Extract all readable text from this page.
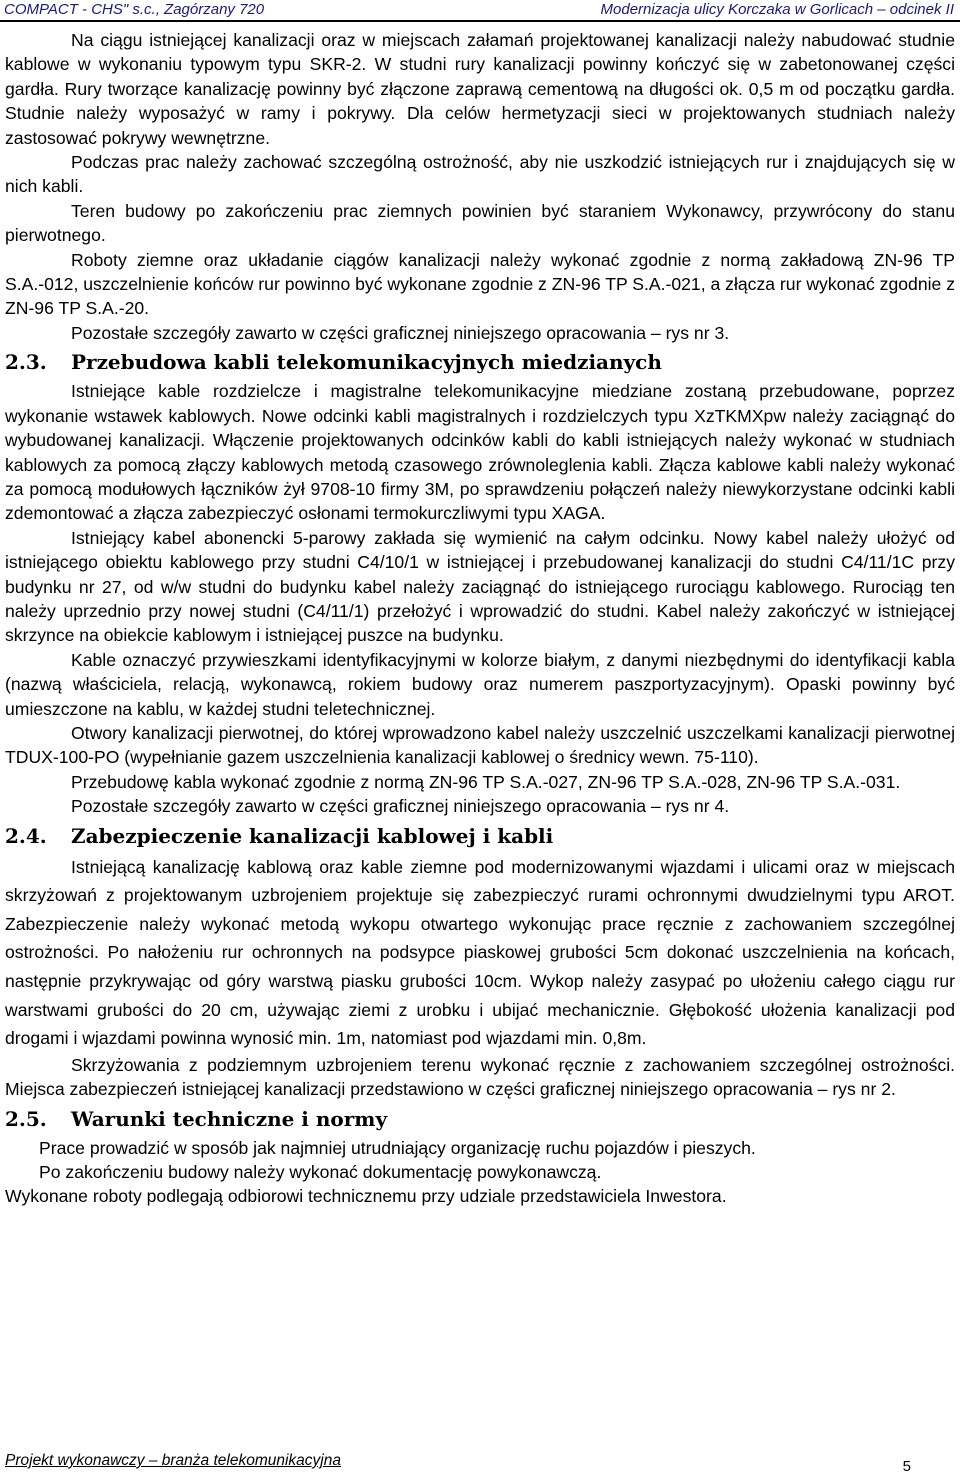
COMPACT - CHS" s.c., Zagórzany 720	Modernizacja ulicy Korczaka w Gorlicach – odcinek II

Na ciągu istniejącej kanalizacji oraz w miejscach załamań projektowanej kanalizacji należy nabudować studnie kablowe w wykonaniu typowym typu SKR-2. W studni rury kanalizacji powinny kończyć się w zabetonowanej części gardła. Rury tworzące kanalizację powinny być złączone zaprawą cementową na długości ok. 0,5 m od początku gardła. Studnie należy wyposażyć w ramy i pokrywy. Dla celów hermetyzacji sieci w projektowanych studniach należy zastosować pokrywy wewnętrzne.

Podczas prac należy zachować szczególną ostrożność, aby nie uszkodzić istniejących rur i znajdujących się w nich kabli.

Teren budowy po zakończeniu prac ziemnych powinien być staraniem Wykonawcy, przywrócony do stanu pierwotnego.

Roboty ziemne oraz układanie ciągów kanalizacji należy wykonać zgodnie z normą zakładową ZN-96 TP S.A.-012, uszczelnienie końców rur powinno być wykonane zgodnie z ZN-96 TP S.A.-021, a złącza rur wykonać zgodnie z ZN-96 TP S.A.-20.

Pozostałe szczegóły zawarto w części graficznej niniejszego opracowania – rys nr 3.

2.3. Przebudowa kabli telekomunikacyjnych miedzianych

Istniejące kable rozdzielcze i magistralne telekomunikacyjne miedziane zostaną przebudowane, poprzez wykonanie wstawek kablowych. Nowe odcinki kabli magistralnych i rozdzielczych typu XzTKMXpw należy zaciągnąć do wybudowanej kanalizacji. Włączenie projektowanych odcinków kabli do kabli istniejących należy wykonać w studniach kablowych za pomocą złączy kablowych metodą czasowego zrównoleglenia kabli. Złącza kablowe kabli należy wykonać za pomocą modułowych łączników żył 9708-10 firmy 3M, po sprawdzeniu połączeń należy niewykorzystane odcinki kabli zdemontować a złącza zabezpieczyć osłonami termokurczliwymi typu XAGA.

Istniejący kabel abonencki 5-parowy zakłada się wymienić na całym odcinku. Nowy kabel należy ułożyć od istniejącego obiektu kablowego przy studni C4/10/1 w istniejącej i przebudowanej kanalizacji do studni C4/11/1C przy budynku nr 27, od w/w studni do budynku kabel należy zaciągnąć do istniejącego rurociągu kablowego. Rurociąg ten należy uprzednio przy nowej studni (C4/11/1) przełożyć i wprowadzić do studni. Kabel należy zakończyć w istniejącej skrzynce na obiekcie kablowym i istniejącej puszce na budynku.

Kable oznaczyć przywieszkami identyfikacyjnymi w kolorze białym, z danymi niezbędnymi do identyfikacji kabla (nazwą właściciela, relacją, wykonawcą, rokiem budowy oraz numerem paszportyzacyjnym). Opaski powinny być umieszczone na kablu, w każdej studni teletechnicznej.

Otwory kanalizacji pierwotnej, do której wprowadzono kabel należy uszczelnić uszczelkami kanalizacji pierwotnej TDUX-100-PO (wypełnianie gazem uszczelnienia kanalizacji kablowej o średnicy wewn. 75-110).

Przebudowę kabla wykonać zgodnie z normą ZN-96 TP S.A.-027, ZN-96 TP S.A.-028, ZN-96 TP S.A.-031.

Pozostałe szczegóły zawarto w części graficznej niniejszego opracowania – rys nr 4.

2.4. Zabezpieczenie kanalizacji kablowej i kabli

Istniejącą kanalizację kablową oraz kable ziemne pod modernizowanymi wjazdami i ulicami oraz w miejscach skrzyżowań z projektowanym uzbrojeniem projektuje się zabezpieczyć rurami ochronnymi dwudzielnymi typu AROT. Zabezpieczenie należy wykonać metodą wykopu otwartego wykonując prace ręcznie z zachowaniem szczególnej ostrożności. Po nałożeniu rur ochronnych na podsypce piaskowej grubości 5cm dokonać uszczelnienia na końcach, następnie przykrywając od góry warstwą piasku grubości 10cm. Wykop należy zasypać po ułożeniu całego ciągu rur warstwami grubości do 20 cm, używając ziemi z urobku i ubijać mechanicznie. Głębokość ułożenia kanalizacji pod drogami i wjazdami powinna wynosić min. 1m, natomiast pod wjazdami min. 0,8m.

Skrzyżowania z podziemnym uzbrojeniem terenu wykonać ręcznie z zachowaniem szczególnej ostrożności. Miejsca zabezpieczeń istniejącej kanalizacji przedstawiono w części graficznej niniejszego opracowania – rys nr 2.

2.5. Warunki techniczne i normy

Prace prowadzić w sposób jak najmniej utrudniający organizację ruchu pojazdów i pieszych.

Po zakończeniu budowy należy wykonać dokumentację powykonawczą.

Wykonane roboty podlegają odbiorowi technicznemu przy udziale przedstawiciela Inwestora.

Projekt wykonawczy – branża telekomunikacyjna	5
